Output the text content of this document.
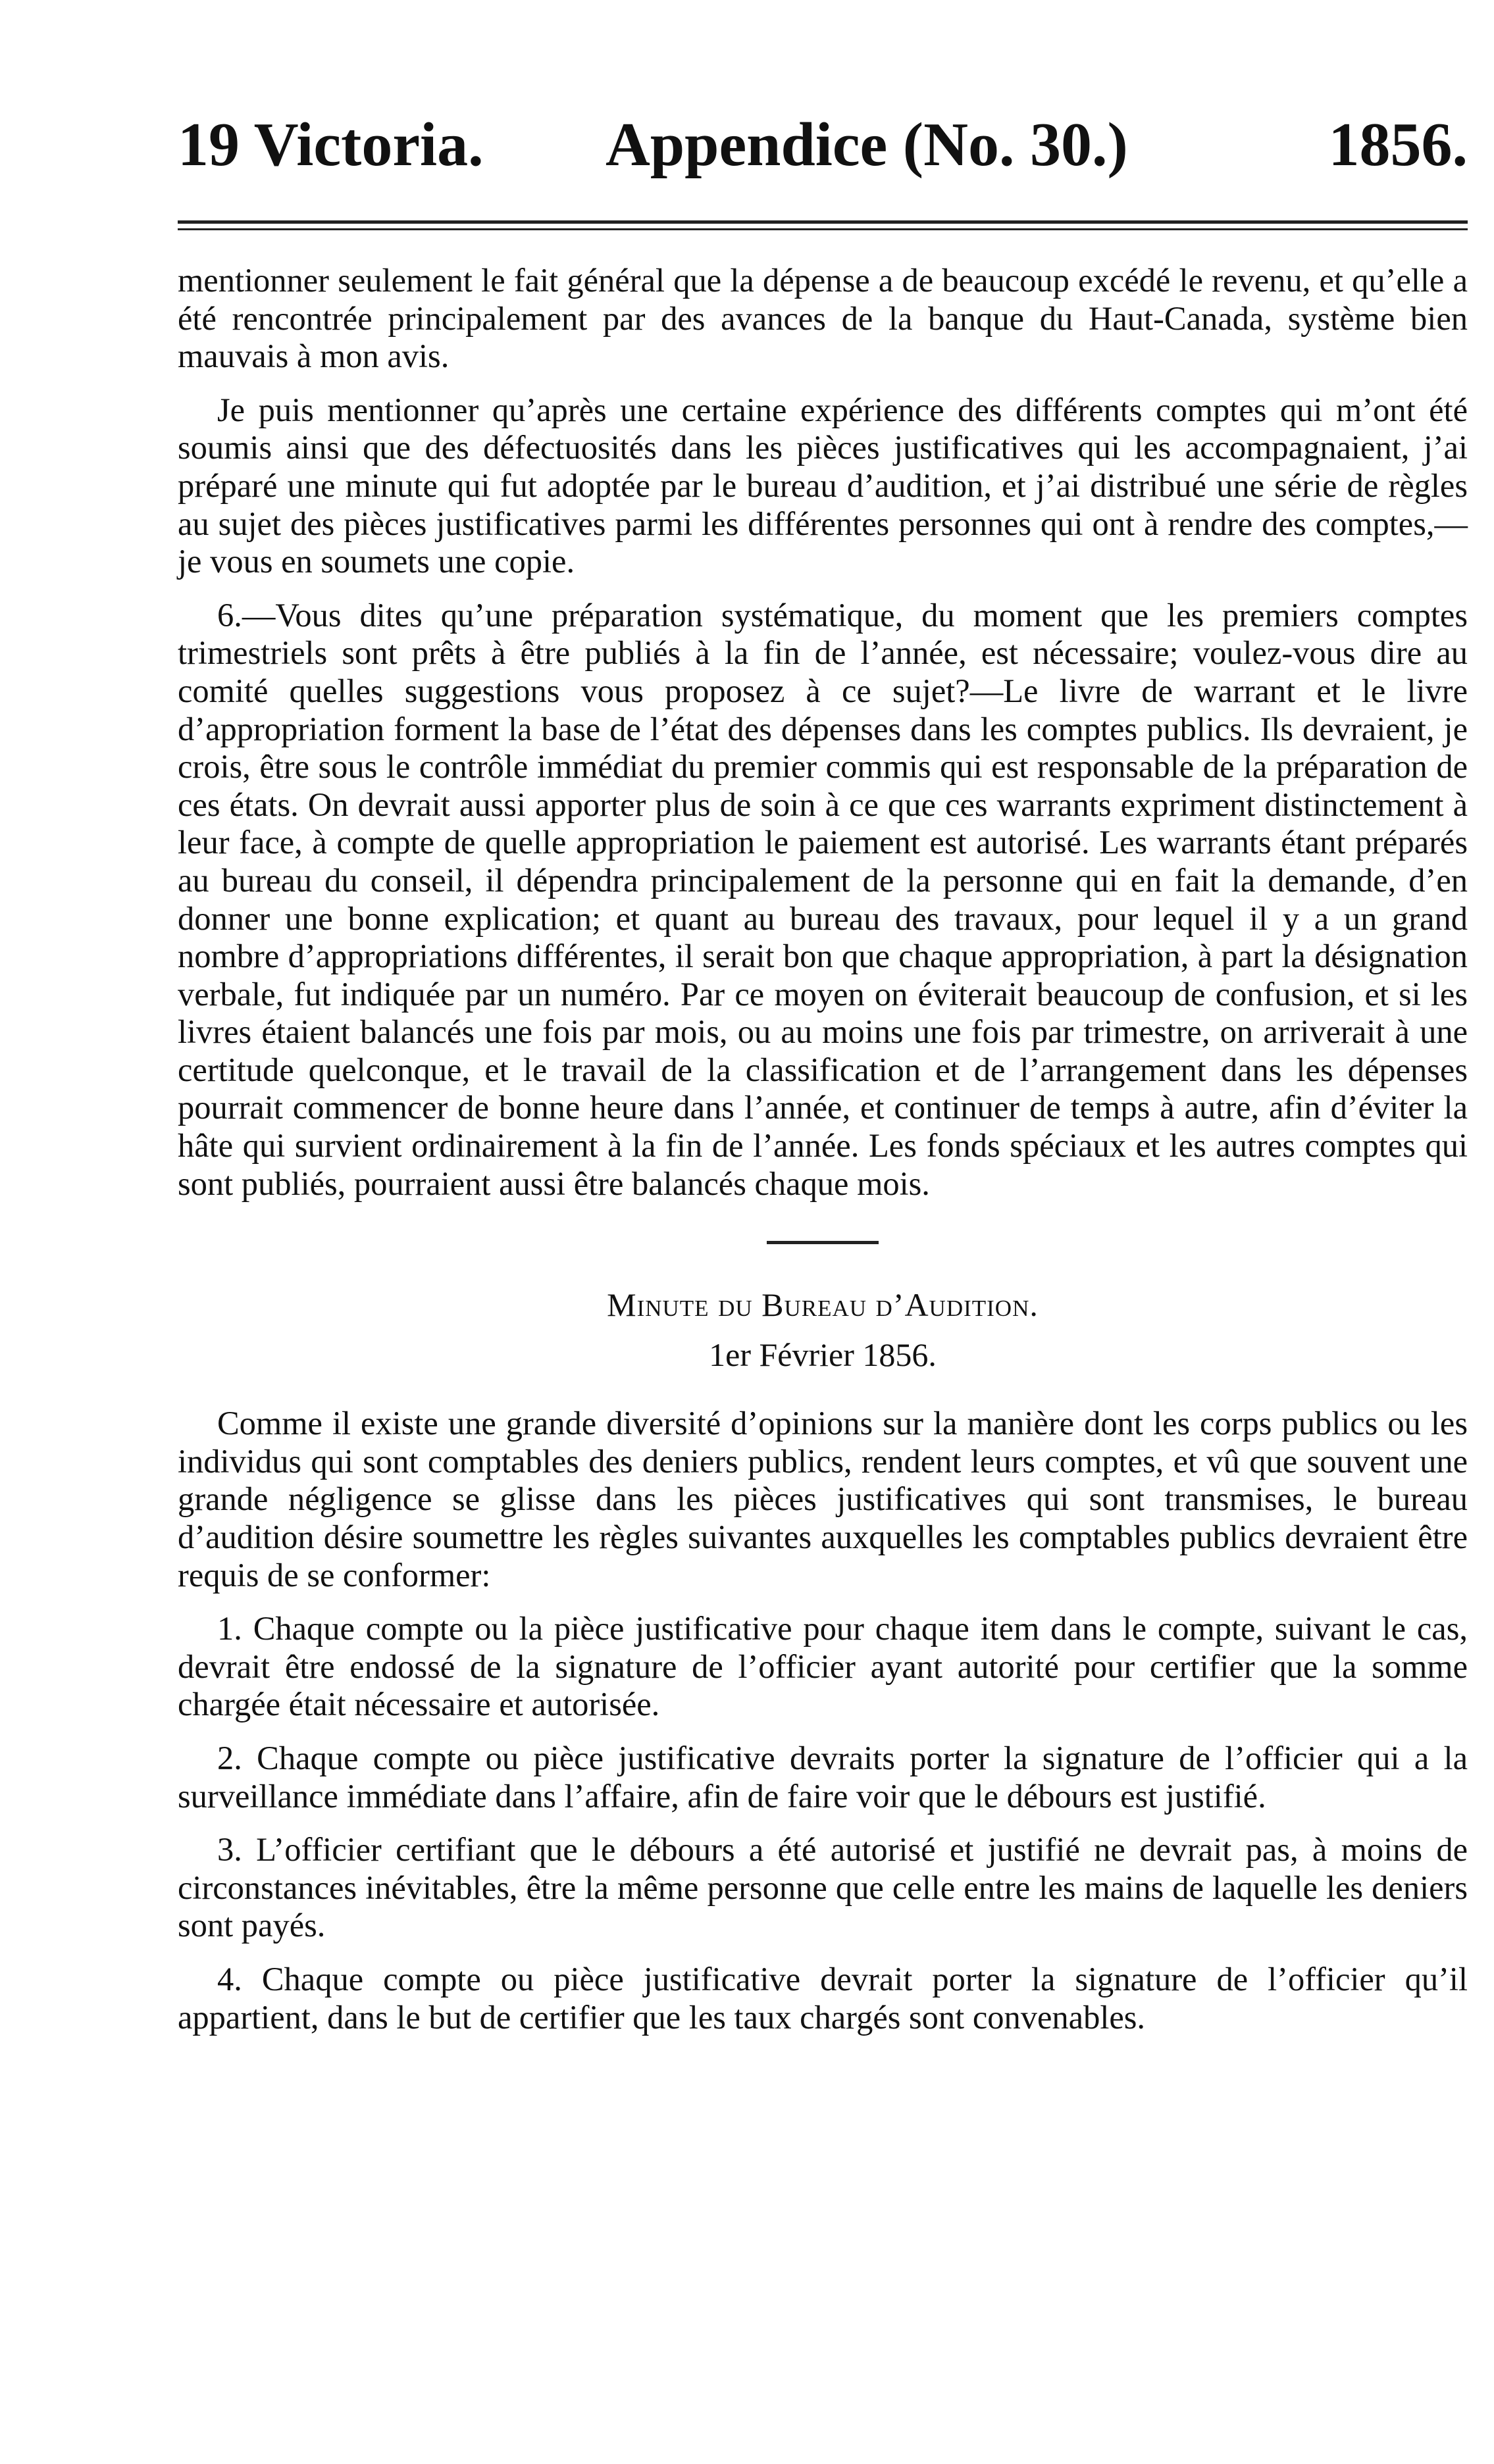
19 Victoria. Appendice (No. 30.)	1856.

mentionner seulement le fait général que la dépense a de beaucoup excédé le revenu, et qu’elle a été rencontrée principalement par des avances de la banque du Haut-Canada, système bien mauvais à mon avis.

Je puis mentionner qu’après une certaine expérience des différents comptes qui m’ont été soumis ainsi que des défectuosités dans les pièces justificatives qui les accompagnaient, j’ai préparé une minute qui fut adoptée par le bureau d’audition, et j’ai distribué une série de règles au sujet des pièces justificatives parmi les différentes personnes qui ont à rendre des comptes,—je vous en soumets une copie.

6.—Vous dites qu’une préparation systématique, du moment que les premiers comptes trimestriels sont prêts à être publiés à la fin de l’année, est nécessaire; voulez-vous dire au comité quelles suggestions vous proposez à ce sujet?—Le livre de warrant et le livre d’appropriation forment la base de l’état des dépenses dans les comptes publics. Ils devraient, je crois, être sous le contrôle immédiat du premier commis qui est responsable de la préparation de ces états. On devrait aussi apporter plus de soin à ce que ces warrants expriment distinctement à leur face, à compte de quelle appropriation le paiement est autorisé. Les warrants étant préparés au bureau du conseil, il dépendra principalement de la personne qui en fait la demande, d’en donner une bonne explication; et quant au bureau des travaux, pour lequel il y a un grand nombre d’appropriations différentes, il serait bon que chaque appropriation, à part la désignation verbale, fut indiquée par un numéro. Par ce moyen on éviterait beaucoup de confusion, et si les livres étaient balancés une fois par mois, ou au moins une fois par trimestre, on arriverait à une certitude quelconque, et le travail de la classification et de l’arrangement dans les dépenses pourrait commencer de bonne heure dans l’année, et continuer de temps à autre, afin d’éviter la hâte qui survient ordinairement à la fin de l’année. Les fonds spéciaux et les autres comptes qui sont publiés, pourraient aussi être balancés chaque mois.

Minute du Bureau d’Audition.
1er Février 1856.

Comme il existe une grande diversité d’opinions sur la manière dont les corps publics ou les individus qui sont comptables des deniers publics, rendent leurs comptes, et vû que souvent une grande négligence se glisse dans les pièces justificatives qui sont transmises, le bureau d’audition désire soumettre les règles suivantes auxquelles les comptables publics devraient être requis de se conformer:

1. Chaque compte ou la pièce justificative pour chaque item dans le compte, suivant le cas, devrait être endossé de la signature de l’officier ayant autorité pour certifier que la somme chargée était nécessaire et autorisée.

2. Chaque compte ou pièce justificative devraits porter la signature de l’officier qui a la surveillance immédiate dans l’affaire, afin de faire voir que le débours est justifié.

3. L’officier certifiant que le débours a été autorisé et justifié ne devrait pas, à moins de circonstances inévitables, être la même personne que celle entre les mains de laquelle les deniers sont payés.

4. Chaque compte ou pièce justificative devrait porter la signature de l’officier qu’il appartient, dans le but de certifier que les taux chargés sont convenables.
